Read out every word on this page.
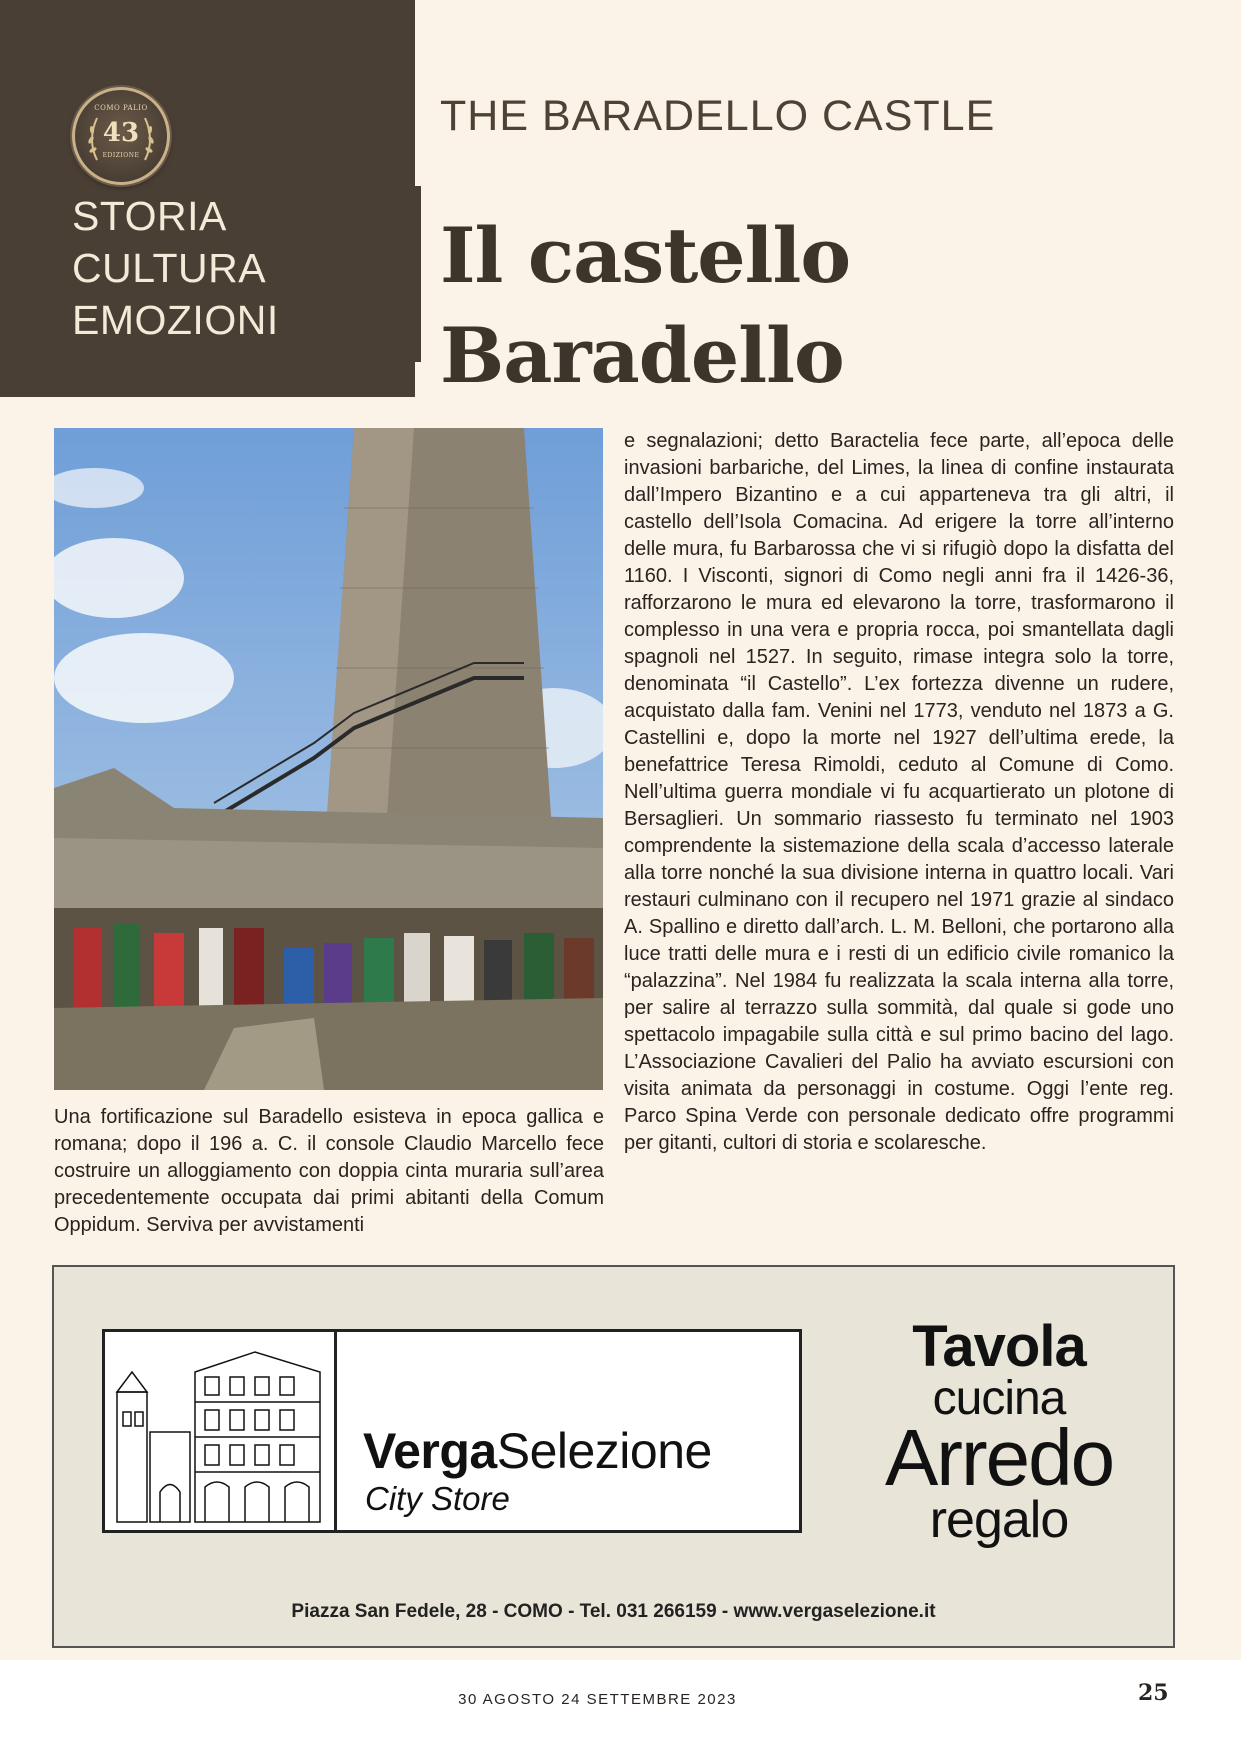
COMO PALIO
43
EDIZIONE
STORIA
CULTURA
EMOZIONI
THE BARADELLO CASTLE
Il castello
Baradello
Una fortificazione sul Baradello esisteva in epoca gallica e romana; dopo il 196 a. C. il console Claudio Marcello fece costruire un alloggiamento con doppia cinta muraria sull’area precedentemente occupata dai primi abitanti della Comum Oppidum. Serviva per avvistamenti
e segnalazioni; detto Baractelia fece parte, all’epoca delle invasioni barbariche, del Limes, la linea di confine instaurata dall’Impero Bizantino e a cui apparteneva tra gli altri, il castello dell’Isola Comacina. Ad erigere la torre all’interno delle mura, fu Barbarossa che vi si rifugiò dopo la disfatta del 1160. I Visconti, signori di Como negli anni fra il 1426-36, rafforzarono le mura ed elevarono la torre, trasformarono il complesso in una vera e propria rocca, poi smantellata dagli spagnoli nel 1527. In seguito, rimase integra solo la torre, denominata “il Castello”. L’ex fortezza divenne un rudere, acquistato dalla fam. Venini nel 1773, venduto nel 1873 a G. Castellini e, dopo la morte nel 1927 dell’ultima erede, la benefattrice Teresa Rimoldi, ceduto al Comune di Como. Nell’ultima guerra mondiale vi fu acquartierato un plotone di Bersaglieri. Un sommario riassesto fu terminato nel 1903 comprendente la sistemazione della scala d’accesso laterale alla torre nonché la sua divisione interna in quattro locali. Vari restauri culminano con il recupero nel 1971 grazie al sindaco A. Spallino e diretto dall’arch. L. M. Belloni, che portarono alla luce tratti delle mura e i resti di un edificio civile romanico la “palazzina”. Nel 1984 fu realizzata la scala interna alla torre, per salire al terrazzo sulla sommità, dal quale si gode uno spettacolo impagabile sulla città e sul primo bacino del lago. L’Associazione Cavalieri del Palio ha avviato escursioni con visita animata da personaggi in costume. Oggi l’ente reg. Parco Spina Verde con personale dedicato offre programmi per gitanti, cultori di storia e scolaresche.
VergaSelezione
City Store
Tavola
cucina
Arredo
regalo
Piazza San Fedele, 28 - COMO - Tel. 031 266159 - www.vergaselezione.it
30 AGOSTO 24 SETTEMBRE 2023	25
